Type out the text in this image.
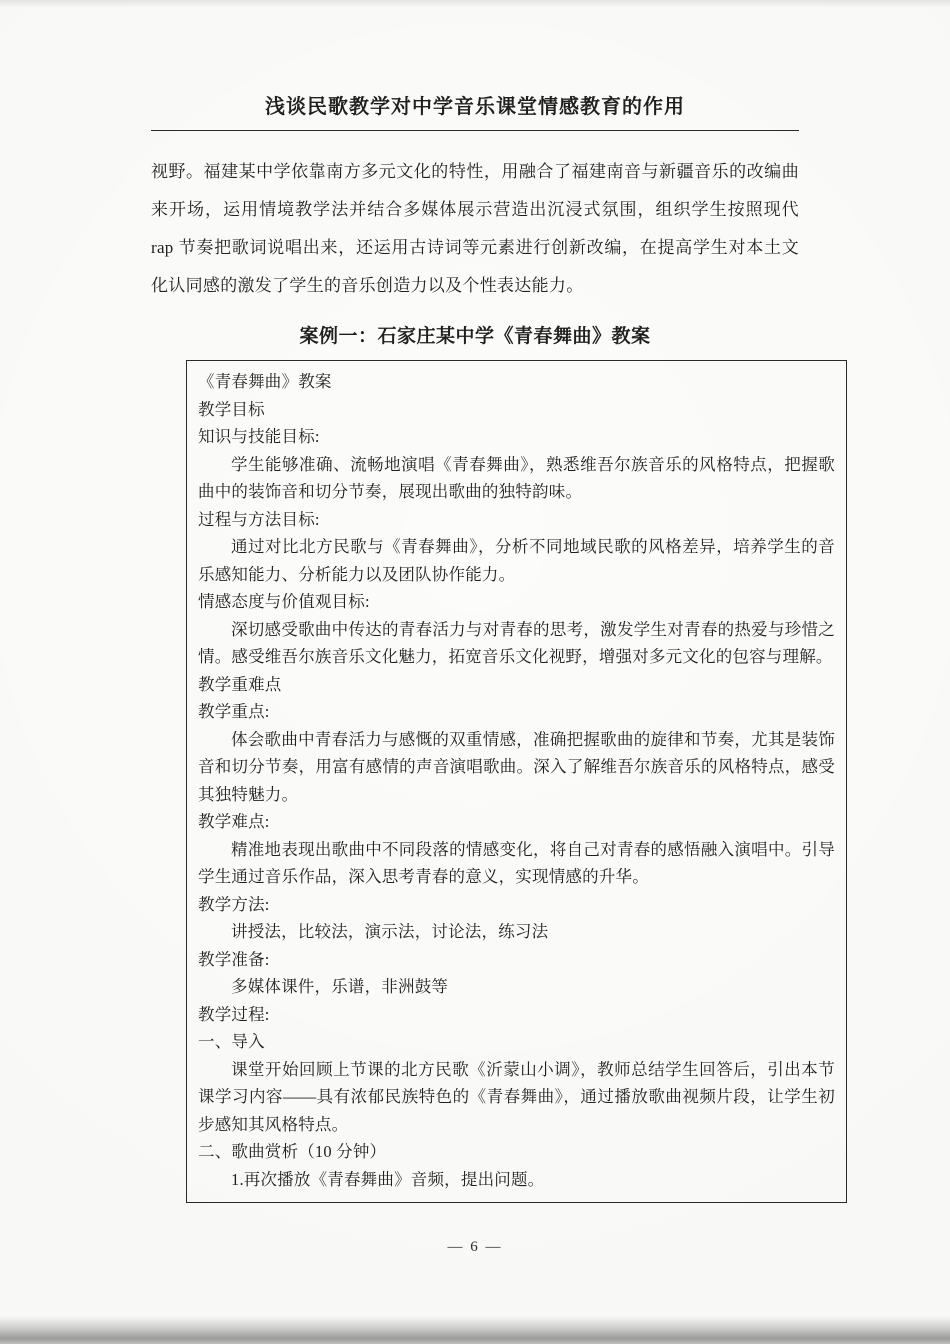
浅谈民歌教学对中学音乐课堂情感教育的作用

视野。福建某中学依靠南方多元文化的特性，用融合了福建南音与新疆音乐的改编曲来开场，运用情境教学法并结合多媒体展示营造出沉浸式氛围，组织学生按照现代 rap 节奏把歌词说唱出来，还运用古诗词等元素进行创新改编，在提高学生对本土文化认同感的激发了学生的音乐创造力以及个性表达能力。

案例一：石家庄某中学《青春舞曲》教案

《青春舞曲》教案

教学目标

知识与技能目标:

学生能够准确、流畅地演唱《青春舞曲》，熟悉维吾尔族音乐的风格特点，把握歌曲中的装饰音和切分节奏，展现出歌曲的独特韵味。

过程与方法目标:

通过对比北方民歌与《青春舞曲》，分析不同地域民歌的风格差异，培养学生的音乐感知能力、分析能力以及团队协作能力。

情感态度与价值观目标:

深切感受歌曲中传达的青春活力与对青春的思考，激发学生对青春的热爱与珍惜之情。感受维吾尔族音乐文化魅力，拓宽音乐文化视野，增强对多元文化的包容与理解。

教学重难点

教学重点:

体会歌曲中青春活力与感慨的双重情感，准确把握歌曲的旋律和节奏，尤其是装饰音和切分节奏，用富有感情的声音演唱歌曲。深入了解维吾尔族音乐的风格特点，感受其独特魅力。

教学难点:

精准地表现出歌曲中不同段落的情感变化，将自己对青春的感悟融入演唱中。引导学生通过音乐作品，深入思考青春的意义，实现情感的升华。

教学方法:

讲授法，比较法，演示法，讨论法，练习法

教学准备:

多媒体课件，乐谱，非洲鼓等

教学过程:

一、导入

课堂开始回顾上节课的北方民歌《沂蒙山小调》，教师总结学生回答后，引出本节课学习内容——具有浓郁民族特色的《青春舞曲》，通过播放歌曲视频片段，让学生初步感知其风格特点。

二、歌曲赏析（10 分钟）

1.再次播放《青春舞曲》音频，提出问题。

— 6 —
